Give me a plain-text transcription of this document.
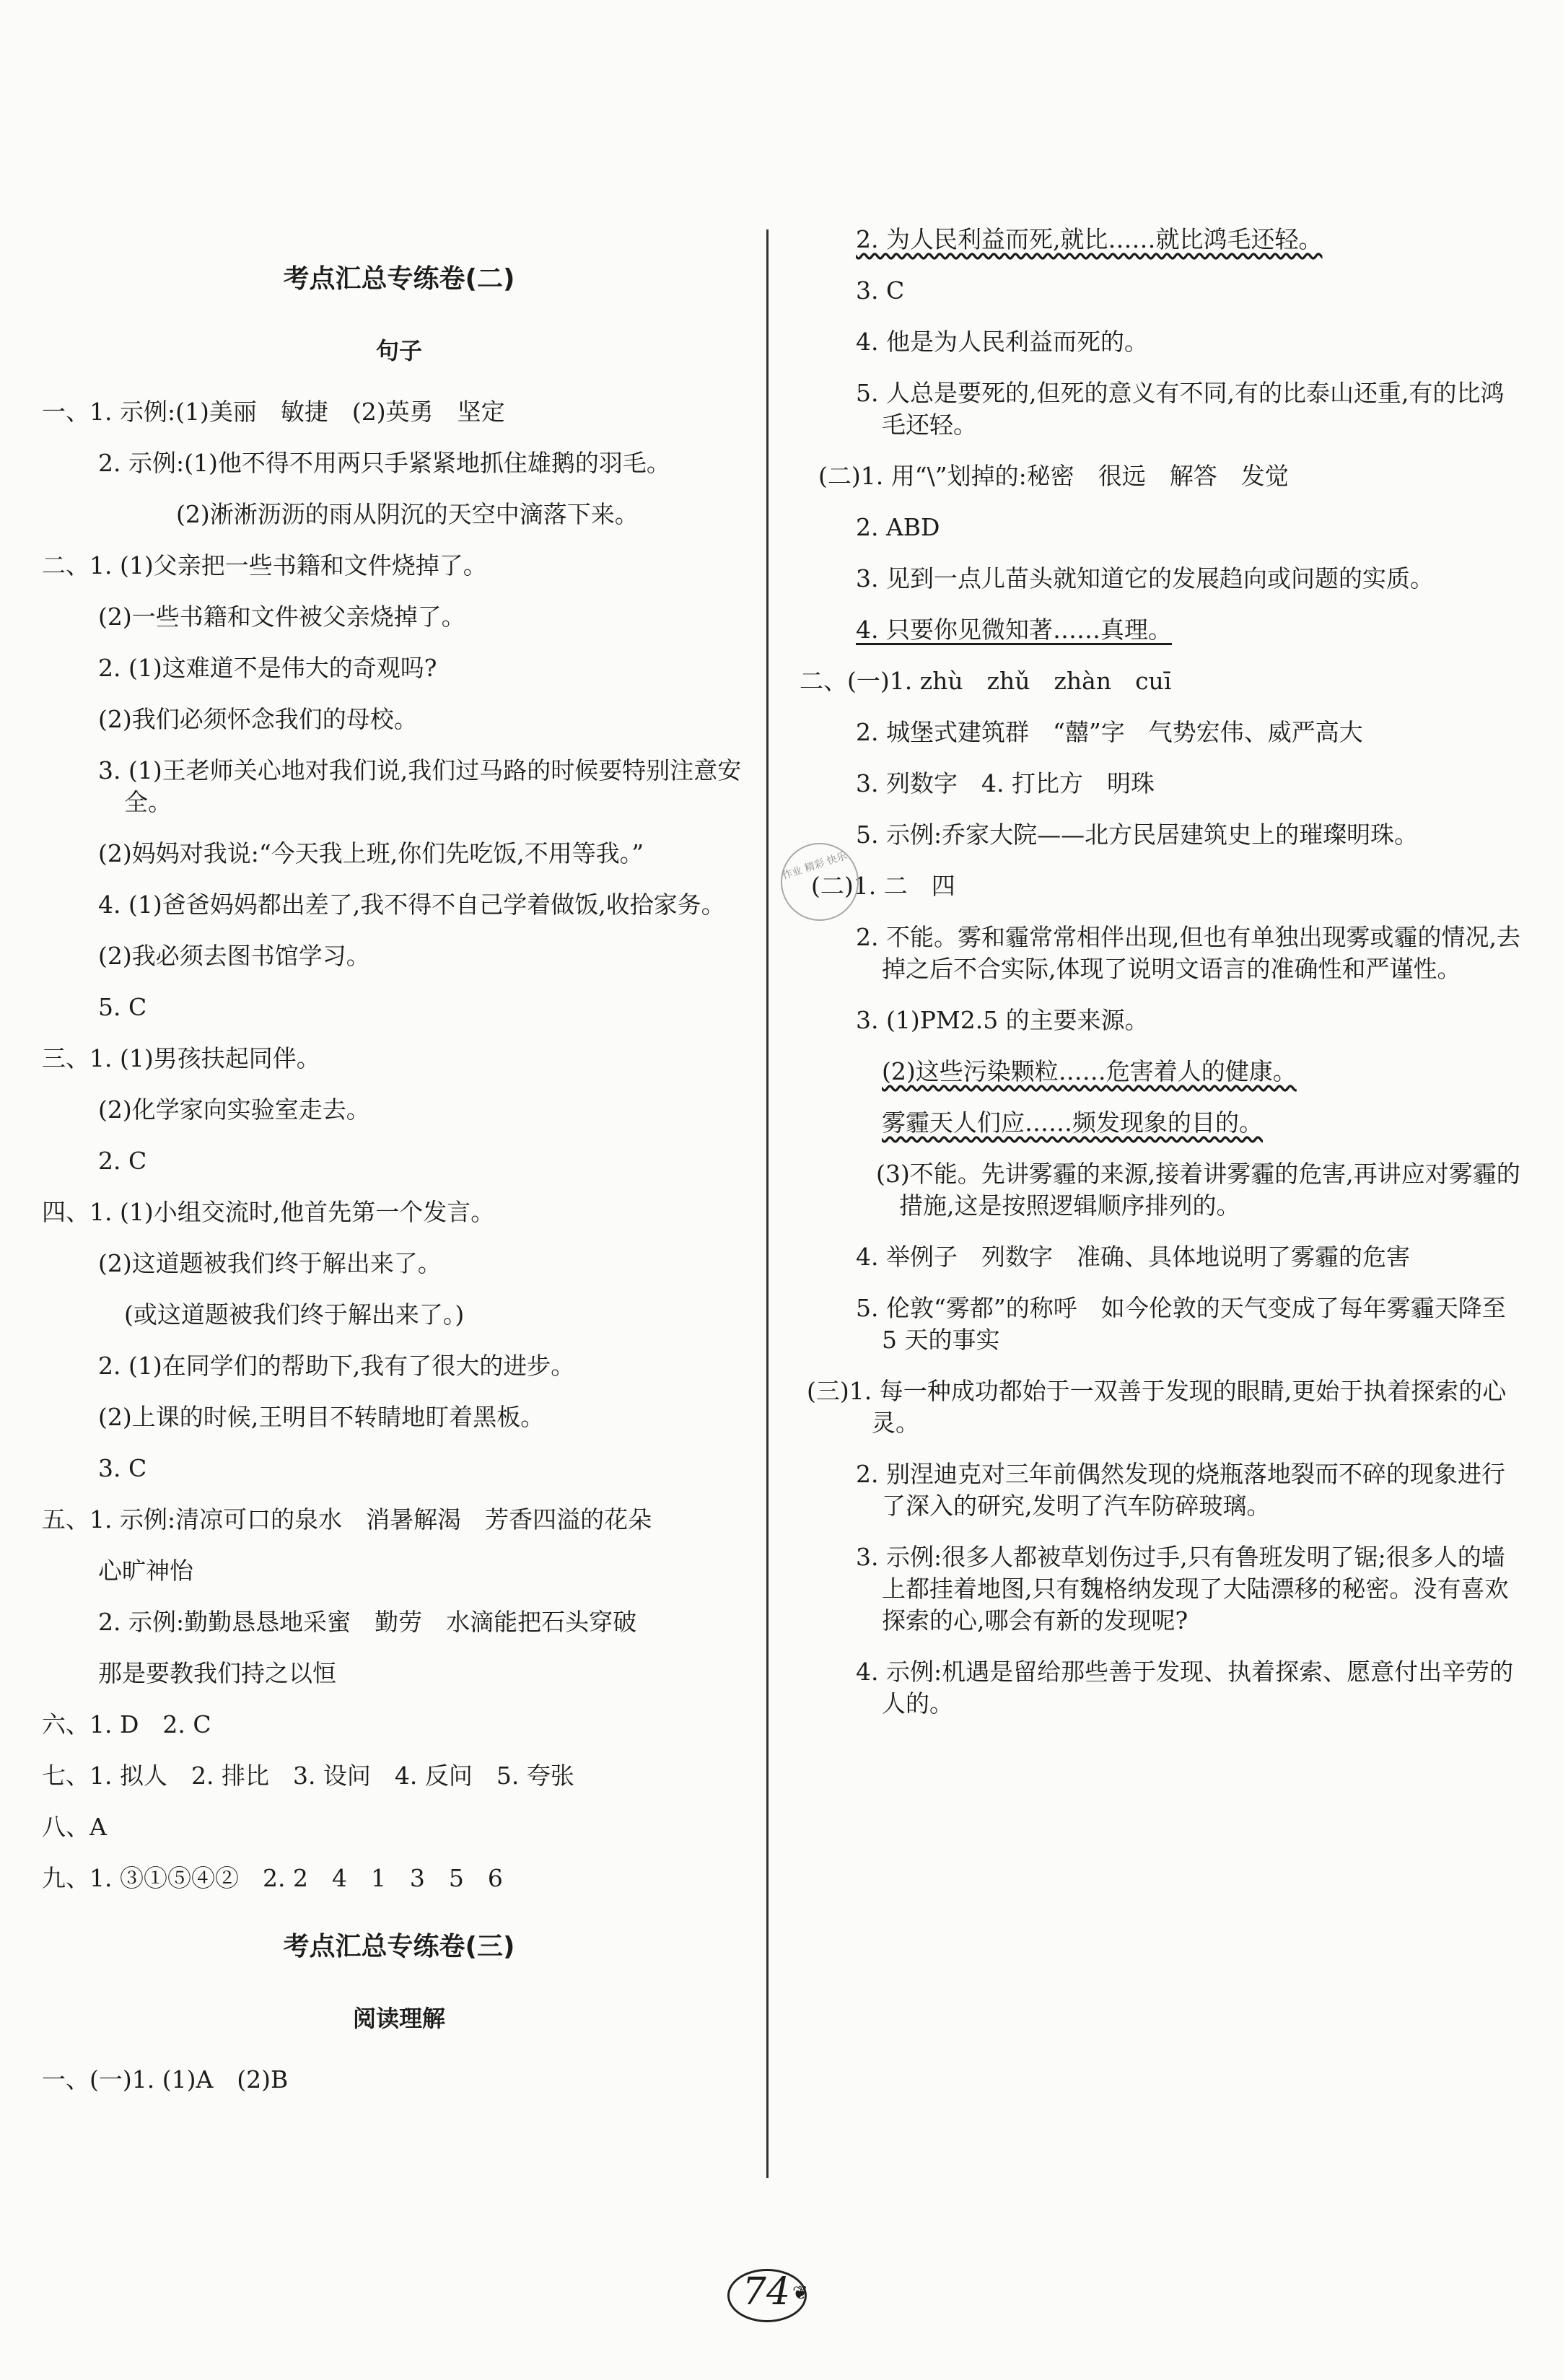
考点汇总专练卷(二)
句子
一、1. 示例:(1)美丽　敏捷　(2)英勇　坚定
2. 示例:(1)他不得不用两只手紧紧地抓住雄鹅的羽毛。
(2)淅淅沥沥的雨从阴沉的天空中滴落下来。
二、1. (1)父亲把一些书籍和文件烧掉了。
(2)一些书籍和文件被父亲烧掉了。
2. (1)这难道不是伟大的奇观吗?
(2)我们必须怀念我们的母校。
3. (1)王老师关心地对我们说,我们过马路的时候要特别注意安全。
(2)妈妈对我说:“今天我上班,你们先吃饭,不用等我。”
4. (1)爸爸妈妈都出差了,我不得不自己学着做饭,收拾家务。
(2)我必须去图书馆学习。
5. C
三、1. (1)男孩扶起同伴。
(2)化学家向实验室走去。
2. C
四、1. (1)小组交流时,他首先第一个发言。
(2)这道题被我们终于解出来了。
(或这道题被我们终于解出来了。)
2. (1)在同学们的帮助下,我有了很大的进步。
(2)上课的时候,王明目不转睛地盯着黑板。
3. C
五、1. 示例:清凉可口的泉水　消暑解渴　芳香四溢的花朵
心旷神怡
2. 示例:勤勤恳恳地采蜜　勤劳　水滴能把石头穿破
那是要教我们持之以恒
六、1. D　2. C
七、1. 拟人　2. 排比　3. 设问　4. 反问　5. 夸张
八、A
九、1. ③①⑤④②　2. 2　4　1　3　5　6
考点汇总专练卷(三)
阅读理解
一、(一)1. (1)A　(2)B
2. 为人民利益而死,就比……就比鸿毛还轻。
3. C
4. 他是为人民利益而死的。
5. 人总是要死的,但死的意义有不同,有的比泰山还重,有的比鸿毛还轻。
(二)1. 用“\”划掉的:秘密　很远　解答　发觉
2. ABD
3. 见到一点儿苗头就知道它的发展趋向或问题的实质。
4. 只要你见微知著……真理。
二、(一)1. zhù　zhǔ　zhàn　cuī
2. 城堡式建筑群　“囍”字　气势宏伟、威严高大
3. 列数字　4. 打比方　明珠
5. 示例:乔家大院——北方民居建筑史上的璀璨明珠。
(二)1. 二　四
2. 不能。雾和霾常常相伴出现,但也有单独出现雾或霾的情况,去掉之后不合实际,体现了说明文语言的准确性和严谨性。
3. (1)PM2.5 的主要来源。
(2)这些污染颗粒……危害着人的健康。
雾霾天人们应……频发现象的目的。
(3)不能。先讲雾霾的来源,接着讲雾霾的危害,再讲应对雾霾的措施,这是按照逻辑顺序排列的。
4. 举例子　列数字　准确、具体地说明了雾霾的危害
5. 伦敦“雾都”的称呼　如今伦敦的天气变成了每年雾霾天降至 5 天的事实
(三)1. 每一种成功都始于一双善于发现的眼睛,更始于执着探索的心灵。
2. 别涅迪克对三年前偶然发现的烧瓶落地裂而不碎的现象进行了深入的研究,发明了汽车防碎玻璃。
3. 示例:很多人都被草划伤过手,只有鲁班发明了锯;很多人的墙上都挂着地图,只有魏格纳发现了大陆漂移的秘密。没有喜欢探索的心,哪会有新的发现呢?
4. 示例:机遇是留给那些善于发现、执着探索、愿意付出辛劳的人的。
作业 精彩 快乐
74 ❦
